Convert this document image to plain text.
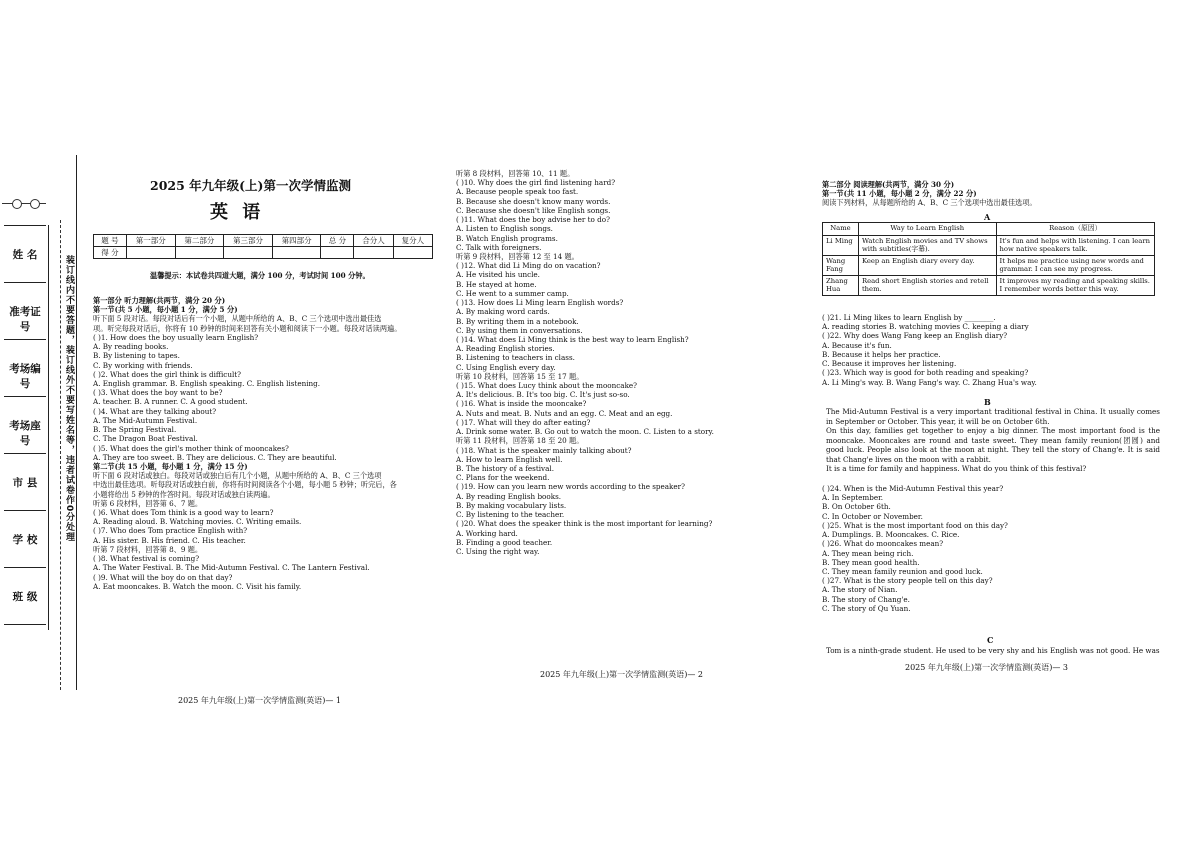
姓 名
准考证号
考场编号
考场座号
市 县
学 校
班 级
装订线内不要答题，装订线外不要写姓名等，违者试卷作0分处理
2025 年九年级(上)第一次学情监测
英 语
题 号	第一部分	第二部分	第三部分	第四部分	总 分	合分人	复分人
得 分							
温馨提示：本试卷共四道大题，满分 100 分，考试时间 100 分钟。
第一部分 听力理解(共两节，满分 20 分)
第一节(共 5 小题，每小题 1 分，满分 5 分)
听下面 5 段对话。每段对话后有一个小题，从题中所给的 A、B、C 三个选项中选出最佳选
项。听完每段对话后，你将有 10 秒钟的时间来回答有关小题和阅读下一小题。每段对话读两遍。
( )1. How does the boy usually learn English?
A. By reading books.
B. By listening to tapes.
C. By working with friends.
( )2. What does the girl think is difficult?
A. English grammar. B. English speaking. C. English listening.
( )3. What does the boy want to be?
A. teacher. B. A runner. C. A good student.
( )4. What are they talking about?
A. The Mid-Autumn Festival.
B. The Spring Festival.
C. The Dragon Boat Festival.
( )5. What does the girl's mother think of mooncakes?
A. They are too sweet. B. They are delicious. C. They are beautiful.
第二节(共 15 小题，每小题 1 分，满分 15 分)
听下面 6 段对话或独白。每段对话或独白后有几个小题，从题中所给的 A、B、C 三个选项
中选出最佳选项。听每段对话或独白前，你将有时间阅读各个小题，每小题 5 秒钟；听完后，各
小题将给出 5 秒钟的作答时间。每段对话或独白读两遍。
听第 6 段材料，回答第 6、7 题。
( )6. What does Tom think is a good way to learn?
A. Reading aloud. B. Watching movies. C. Writing emails.
( )7. Who does Tom practice English with?
A. His sister. B. His friend. C. His teacher.
听第 7 段材料，回答第 8、9 题。
( )8. What festival is coming?
A. The Water Festival. B. The Mid-Autumn Festival. C. The Lantern Festival.
( )9. What will the boy do on that day?
A. Eat mooncakes. B. Watch the moon. C. Visit his family.
2025 年九年级(上)第一次学情监测(英语)— 1
听第 8 段材料，回答第 10、11 题。
( )10. Why does the girl find listening hard?
A. Because people speak too fast.
B. Because she doesn't know many words.
C. Because she doesn't like English songs.
( )11. What does the boy advise her to do?
A. Listen to English songs.
B. Watch English programs.
C. Talk with foreigners.
听第 9 段材料，回答第 12 至 14 题。
( )12. What did Li Ming do on vacation?
A. He visited his uncle.
B. He stayed at home.
C. He went to a summer camp.
( )13. How does Li Ming learn English words?
A. By making word cards.
B. By writing them in a notebook.
C. By using them in conversations.
( )14. What does Li Ming think is the best way to learn English?
A. Reading English stories.
B. Listening to teachers in class.
C. Using English every day.
听第 10 段材料，回答第 15 至 17 题。
( )15. What does Lucy think about the mooncake?
A. It's delicious. B. It's too big. C. It's just so-so.
( )16. What is inside the mooncake?
A. Nuts and meat. B. Nuts and an egg. C. Meat and an egg.
( )17. What will they do after eating?
A. Drink some water. B. Go out to watch the moon. C. Listen to a story.
听第 11 段材料，回答第 18 至 20 题。
( )18. What is the speaker mainly talking about?
A. How to learn English well.
B. The history of a festival.
C. Plans for the weekend.
( )19. How can you learn new words according to the speaker?
A. By reading English books.
B. By making vocabulary lists.
C. By listening to the teacher.
( )20. What does the speaker think is the most important for learning?
A. Working hard.
B. Finding a good teacher.
C. Using the right way.
2025 年九年级(上)第一次学情监测(英语)— 2
第二部分 阅读理解(共两节，满分 30 分)
第一节(共 11 小题，每小题 2 分，满分 22 分)
阅读下列材料，从每题所给的 A、B、C 三个选项中选出最佳选项。
A
Name	Way to Learn English	Reason（原因）
Li Ming	Watch English movies and TV shows with subtitles(字幕).	It's fun and helps with listening. I can learn how native speakers talk.
Wang Fang	Keep an English diary every day.	It helps me practice using new words and grammar. I can see my progress.
Zhang Hua	Read short English stories and retell them.	It improves my reading and speaking skills. I remember words better this way.
( )21. Li Ming likes to learn English by ________.
A. reading stories B. watching movies C. keeping a diary
( )22. Why does Wang Fang keep an English diary?
A. Because it's fun.
B. Because it helps her practice.
C. Because it improves her listening.
( )23. Which way is good for both reading and speaking?
A. Li Ming's way. B. Wang Fang's way. C. Zhang Hua's way.
B
The Mid-Autumn Festival is a very important traditional festival in China. It usually comes in September or October. This year, it will be on October 6th.
On this day, families get together to enjoy a big dinner. The most important food is the mooncake. Mooncakes are round and taste sweet. They mean family reunion(团圆) and good luck. People also look at the moon at night. They tell the story of Chang'e. It is said that Chang'e lives on the moon with a rabbit.
It is a time for family and happiness. What do you think of this festival?
( )24. When is the Mid-Autumn Festival this year?
A. In September.
B. On October 6th.
C. In October or November.
( )25. What is the most important food on this day?
A. Dumplings. B. Mooncakes. C. Rice.
( )26. What do mooncakes mean?
A. They mean being rich.
B. They mean good health.
C. They mean family reunion and good luck.
( )27. What is the story people tell on this day?
A. The story of Nian.
B. The story of Chang'e.
C. The story of Qu Yuan.
C
Tom is a ninth-grade student. He used to be very shy and his English was not good. He was
2025 年九年级(上)第一次学情监测(英语)— 3
